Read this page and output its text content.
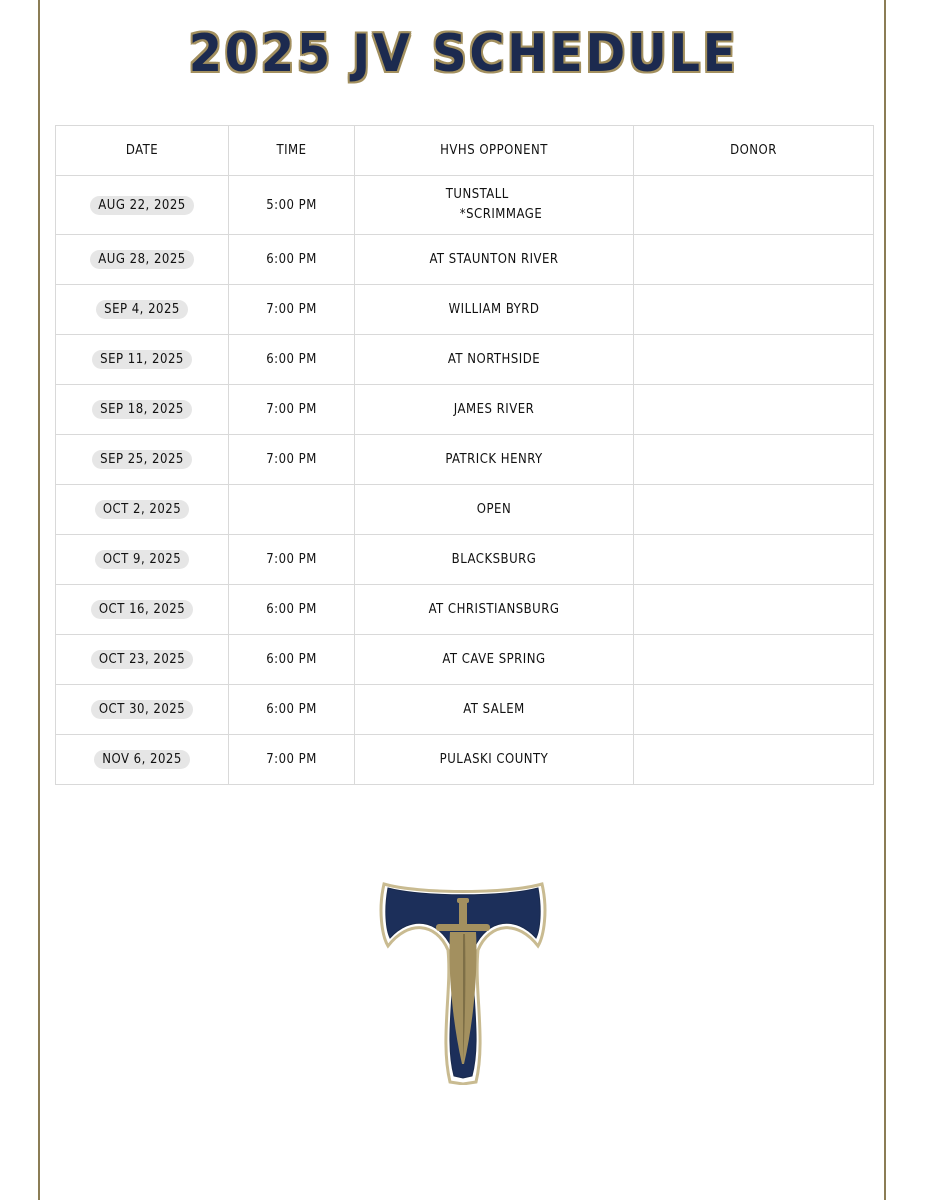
2025 JV SCHEDULE
DATE	TIME	HVHS OPPONENT	DONOR
AUG 22, 2025	5:00 PM	TUNSTALL
*SCRIMMAGE	

AUG 28, 2025	6:00 PM	AT STAUNTON RIVER	
SEP 4, 2025	7:00 PM	WILLIAM BYRD	
SEP 11, 2025	6:00 PM	AT NORTHSIDE	
SEP 18, 2025	7:00 PM	JAMES RIVER	
SEP 25, 2025	7:00 PM	PATRICK HENRY	
OCT 2, 2025		OPEN	
OCT 9, 2025	7:00 PM	BLACKSBURG	
OCT 16, 2025	6:00 PM	AT CHRISTIANSBURG	
OCT 23, 2025	6:00 PM	AT CAVE SPRING	
OCT 30, 2025	6:00 PM	AT SALEM	
NOV 6, 2025	7:00 PM	PULASKI COUNTY	
